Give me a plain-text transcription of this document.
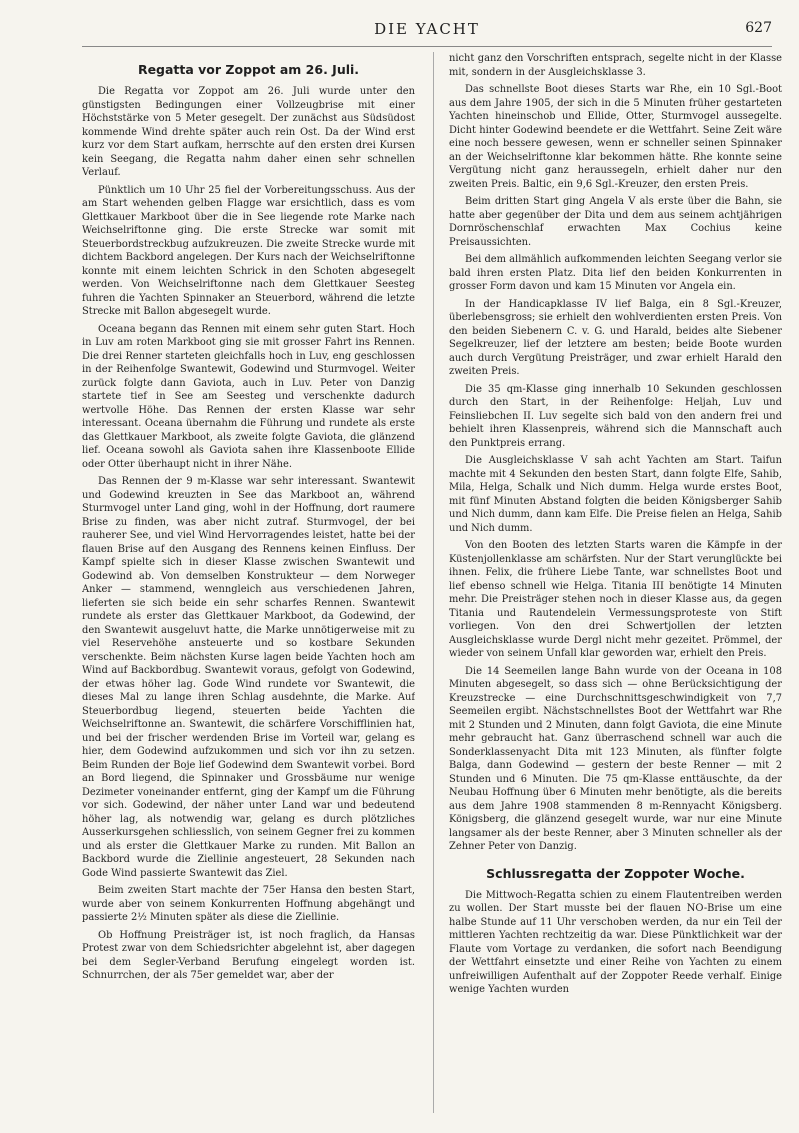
DIE YACHT	627
Regatta vor Zoppot am 26. Juli.

Die Regatta vor Zoppot am 26. Juli wurde unter den günstigsten Bedingungen einer Vollzeugbrise mit einer Höchststärke von 5 Meter gesegelt. Der zunächst aus Südsüdost kommende Wind drehte später auch rein Ost. Da der Wind erst kurz vor dem Start aufkam, herrschte auf den ersten drei Kursen kein Seegang, die Regatta nahm daher einen sehr schnellen Verlauf.

Pünktlich um 10 Uhr 25 fiel der Vorbereitungsschuss. Aus der am Start wehenden gelben Flagge war ersichtlich, dass es vom Glettkauer Markboot über die in See liegende rote Marke nach Weichselriftonne ging. Die erste Strecke war somit mit Steuerbordstreckbug aufzukreuzen. Die zweite Strecke wurde mit dichtem Backbord angelegen. Der Kurs nach der Weichselriftonne konnte mit einem leichten Schrick in den Schoten abgesegelt werden. Von Weichselriftonne nach dem Glettkauer Seesteg fuhren die Yachten Spinnaker an Steuerbord, während die letzte Strecke mit Ballon abgesegelt wurde.

Oceana begann das Rennen mit einem sehr guten Start. Hoch in Luv am roten Markboot ging sie mit grosser Fahrt ins Rennen. Die drei Renner starteten gleichfalls hoch in Luv, eng geschlossen in der Reihenfolge Swantewit, Godewind und Sturmvogel. Weiter zurück folgte dann Gaviota, auch in Luv. Peter von Danzig startete tief in See am Seesteg und verschenkte dadurch wertvolle Höhe. Das Rennen der ersten Klasse war sehr interessant. Oceana übernahm die Führung und rundete als erste das Glettkauer Markboot, als zweite folgte Gaviota, die glänzend lief. Oceana sowohl als Gaviota sahen ihre Klassenboote Ellide oder Otter überhaupt nicht in ihrer Nähe.

Das Rennen der 9 m-Klasse war sehr interessant. Swantewit und Godewind kreuzten in See das Markboot an, während Sturmvogel unter Land ging, wohl in der Hoffnung, dort raumere Brise zu finden, was aber nicht zutraf. Sturmvogel, der bei rauherer See, und viel Wind Hervorragendes leistet, hatte bei der flauen Brise auf den Ausgang des Rennens keinen Einfluss. Der Kampf spielte sich in dieser Klasse zwischen Swantewit und Godewind ab. Von demselben Konstrukteur — dem Norweger Anker — stammend, wenngleich aus verschiedenen Jahren, lieferten sie sich beide ein sehr scharfes Rennen. Swantewit rundete als erster das Glettkauer Markboot, da Godewind, der den Swantewit ausgeluvt hatte, die Marke unnötigerweise mit zu viel Reservehöhe ansteuerte und so kostbare Sekunden verschenkte. Beim nächsten Kurse lagen beide Yachten hoch am Wind auf Backbordbug. Swantewit voraus, gefolgt von Godewind, der etwas höher lag. Gode Wind rundete vor Swantewit, die dieses Mal zu lange ihren Schlag ausdehnte, die Marke. Auf Steuerbordbug liegend, steuerten beide Yachten die Weichselriftonne an. Swantewit, die schärfere Vorschifflinien hat, und bei der frischer werdenden Brise im Vorteil war, gelang es hier, dem Godewind aufzukommen und sich vor ihn zu setzen. Beim Runden der Boje lief Godewind dem Swantewit vorbei. Bord an Bord liegend, die Spinnaker und Grossbäume nur wenige Dezimeter voneinander entfernt, ging der Kampf um die Führung vor sich. Godewind, der näher unter Land war und bedeutend höher lag, als notwendig war, gelang es durch plötzliches Ausserkursgehen schliesslich, von seinem Gegner frei zu kommen und als erster die Glettkauer Marke zu runden. Mit Ballon an Backbord wurde die Ziellinie angesteuert, 28 Sekunden nach Gode Wind passierte Swantewit das Ziel.

Beim zweiten Start machte der 75er Hansa den besten Start, wurde aber von seinem Konkurrenten Hoffnung abgehängt und passierte 2½ Minuten später als diese die Ziellinie.

Ob Hoffnung Preisträger ist, ist noch fraglich, da Hansas Protest zwar von dem Schiedsrichter abgelehnt ist, aber dagegen bei dem Segler-Verband Berufung eingelegt worden ist. Schnurrchen, der als 75er gemeldet war, aber der

nicht ganz den Vorschriften entsprach, segelte nicht in der Klasse mit, sondern in der Ausgleichsklasse 3.

Das schnellste Boot dieses Starts war Rhe, ein 10 Sgl.-Boot aus dem Jahre 1905, der sich in die 5 Minuten früher gestarteten Yachten hineinschob und Ellide, Otter, Sturmvogel aussegelte. Dicht hinter Godewind beendete er die Wettfahrt. Seine Zeit wäre eine noch bessere gewesen, wenn er schneller seinen Spinnaker an der Weichselriftonne klar bekommen hätte. Rhe konnte seine Vergütung nicht ganz heraussegeln, erhielt daher nur den zweiten Preis. Baltic, ein 9,6 Sgl.-Kreuzer, den ersten Preis.

Beim dritten Start ging Angela V als erste über die Bahn, sie hatte aber gegenüber der Dita und dem aus seinem achtjährigen Dornröschenschlaf erwachten Max Cochius keine Preisaussichten.

Bei dem allmählich aufkommenden leichten Seegang verlor sie bald ihren ersten Platz. Dita lief den beiden Konkurrenten in grosser Form davon und kam 15 Minuten vor Angela ein.

In der Handicapklasse IV lief Balga, ein 8 Sgl.-Kreuzer, überlebensgross; sie erhielt den wohlverdienten ersten Preis. Von den beiden Siebenern C. v. G. und Harald, beides alte Siebener Segelkreuzer, lief der letztere am besten; beide Boote wurden auch durch Vergütung Preisträger, und zwar erhielt Harald den zweiten Preis.

Die 35 qm-Klasse ging innerhalb 10 Sekunden geschlossen durch den Start, in der Reihenfolge: Heljah, Luv und Feinsliebchen II. Luv segelte sich bald von den andern frei und behielt ihren Klassenpreis, während sich die Mannschaft auch den Punktpreis errang.

Die Ausgleichsklasse V sah acht Yachten am Start. Taifun machte mit 4 Sekunden den besten Start, dann folgte Elfe, Sahib, Mila, Helga, Schalk und Nich dumm. Helga wurde erstes Boot, mit fünf Minuten Abstand folgten die beiden Königsberger Sahib und Nich dumm, dann kam Elfe. Die Preise fielen an Helga, Sahib und Nich dumm.

Von den Booten des letzten Starts waren die Kämpfe in der Küstenjollenklasse am schärfsten. Nur der Start verunglückte bei ihnen. Felix, die frühere Liebe Tante, war schnellstes Boot und lief ebenso schnell wie Helga. Titania III benötigte 14 Minuten mehr. Die Preisträger stehen noch in dieser Klasse aus, da gegen Titania und Rautendelein Vermessungsproteste von Stift vorliegen. Von den drei Schwertjollen der letzten Ausgleichsklasse wurde Dergl nicht mehr gezeitet. Prömmel, der wieder von seinem Unfall klar geworden war, erhielt den Preis.

Die 14 Seemeilen lange Bahn wurde von der Oceana in 108 Minuten abgesegelt, so dass sich — ohne Berücksichtigung der Kreuzstrecke — eine Durchschnittsgeschwindigkeit von 7,7 Seemeilen ergibt. Nächstschnellstes Boot der Wettfahrt war Rhe mit 2 Stunden und 2 Minuten, dann folgt Gaviota, die eine Minute mehr gebraucht hat. Ganz überraschend schnell war auch die Sonderklassenyacht Dita mit 123 Minuten, als fünfter folgte Balga, dann Godewind — gestern der beste Renner — mit 2 Stunden und 6 Minuten. Die 75 qm-Klasse enttäuschte, da der Neubau Hoffnung über 6 Minuten mehr benötigte, als die bereits aus dem Jahre 1908 stammenden 8 m-Rennyacht Königsberg. Königsberg, die glänzend gesegelt wurde, war nur eine Minute langsamer als der beste Renner, aber 3 Minuten schneller als der Zehner Peter von Danzig.

Schlussregatta der Zoppoter Woche.

Die Mittwoch-Regatta schien zu einem Flautentreiben werden zu wollen. Der Start musste bei der flauen NO-Brise um eine halbe Stunde auf 11 Uhr verschoben werden, da nur ein Teil der mittleren Yachten rechtzeitig da war. Diese Pünktlichkeit war der Flaute vom Vortage zu verdanken, die sofort nach Beendigung der Wettfahrt einsetzte und einer Reihe von Yachten zu einem unfreiwilligen Aufenthalt auf der Zoppoter Reede verhalf. Einige wenige Yachten wurden
